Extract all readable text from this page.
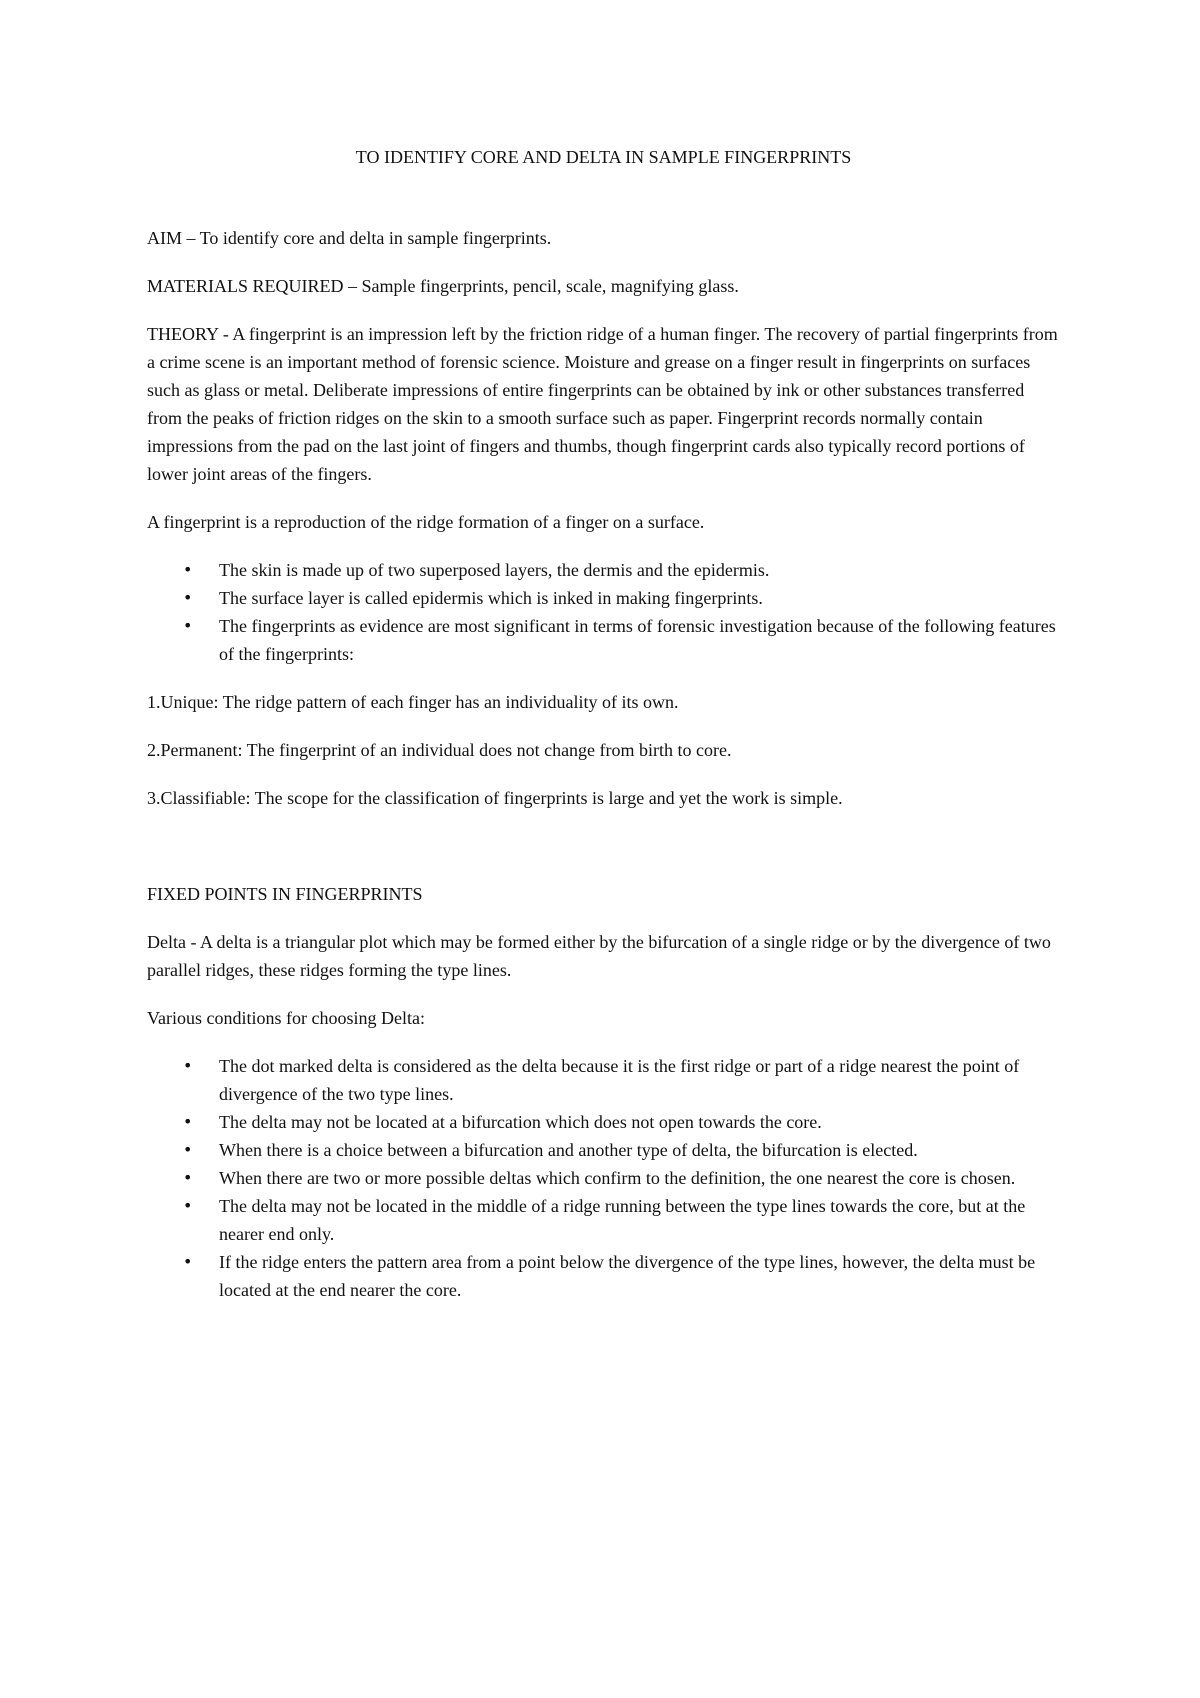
TO IDENTIFY CORE AND DELTA IN SAMPLE FINGERPRINTS

AIM – To identify core and delta in sample fingerprints.

MATERIALS REQUIRED – Sample fingerprints, pencil, scale, magnifying glass.

THEORY - A fingerprint is an impression left by the friction ridge of a human finger. The recovery of partial fingerprints from a crime scene is an important method of forensic science. Moisture and grease on a finger result in fingerprints on surfaces such as glass or metal. Deliberate impressions of entire fingerprints can be obtained by ink or other substances transferred from the peaks of friction ridges on the skin to a smooth surface such as paper. Fingerprint records normally contain impressions from the pad on the last joint of fingers and thumbs, though fingerprint cards also typically record portions of lower joint areas of the fingers.

A fingerprint is a reproduction of the ridge formation of a finger on a surface.

• The skin is made up of two superposed layers, the dermis and the epidermis.
• The surface layer is called epidermis which is inked in making fingerprints.
• The fingerprints as evidence are most significant in terms of forensic investigation because of the following features of the fingerprints:

1.Unique: The ridge pattern of each finger has an individuality of its own.

2.Permanent: The fingerprint of an individual does not change from birth to core.

3.Classifiable: The scope for the classification of fingerprints is large and yet the work is simple.

FIXED POINTS IN FINGERPRINTS

Delta - A delta is a triangular plot which may be formed either by the bifurcation of a single ridge or by the divergence of two parallel ridges, these ridges forming the type lines.

Various conditions for choosing Delta:

• The dot marked delta is considered as the delta because it is the first ridge or part of a ridge nearest the point of divergence of the two type lines.
• The delta may not be located at a bifurcation which does not open towards the core.
• When there is a choice between a bifurcation and another type of delta, the bifurcation is elected.
• When there are two or more possible deltas which confirm to the definition, the one nearest the core is chosen.
• The delta may not be located in the middle of a ridge running between the type lines towards the core, but at the nearer end only.
• If the ridge enters the pattern area from a point below the divergence of the type lines, however, the delta must be located at the end nearer the core.
